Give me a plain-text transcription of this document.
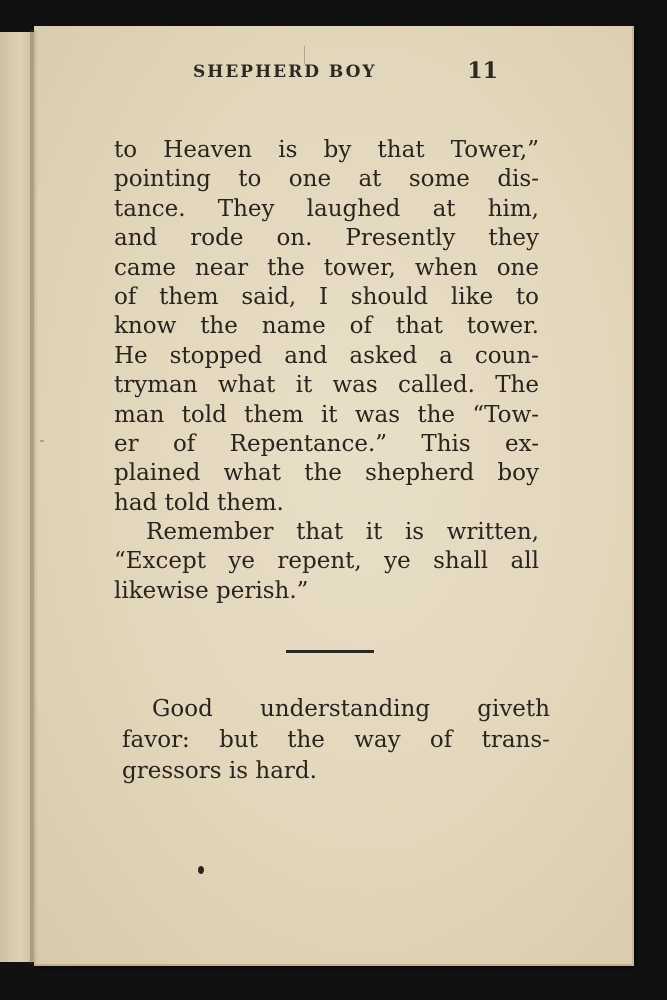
SHEPHERD BOY	11
to Heaven is by that Tower,”
pointing to one at some dis-
tance. They laughed at him,
and rode on. Presently they
came near the tower, when one
of them said, I should like to
know the name of that tower.
He stopped and asked a coun-
tryman what it was called. The
man told them it was the “Tow-
er of Repentance.” This ex-
plained what the shepherd boy
had told them.
Remember that it is written,
“Except ye repent, ye shall all
likewise perish.”
Good understanding giveth
favor: but the way of trans-
gressors is hard.
